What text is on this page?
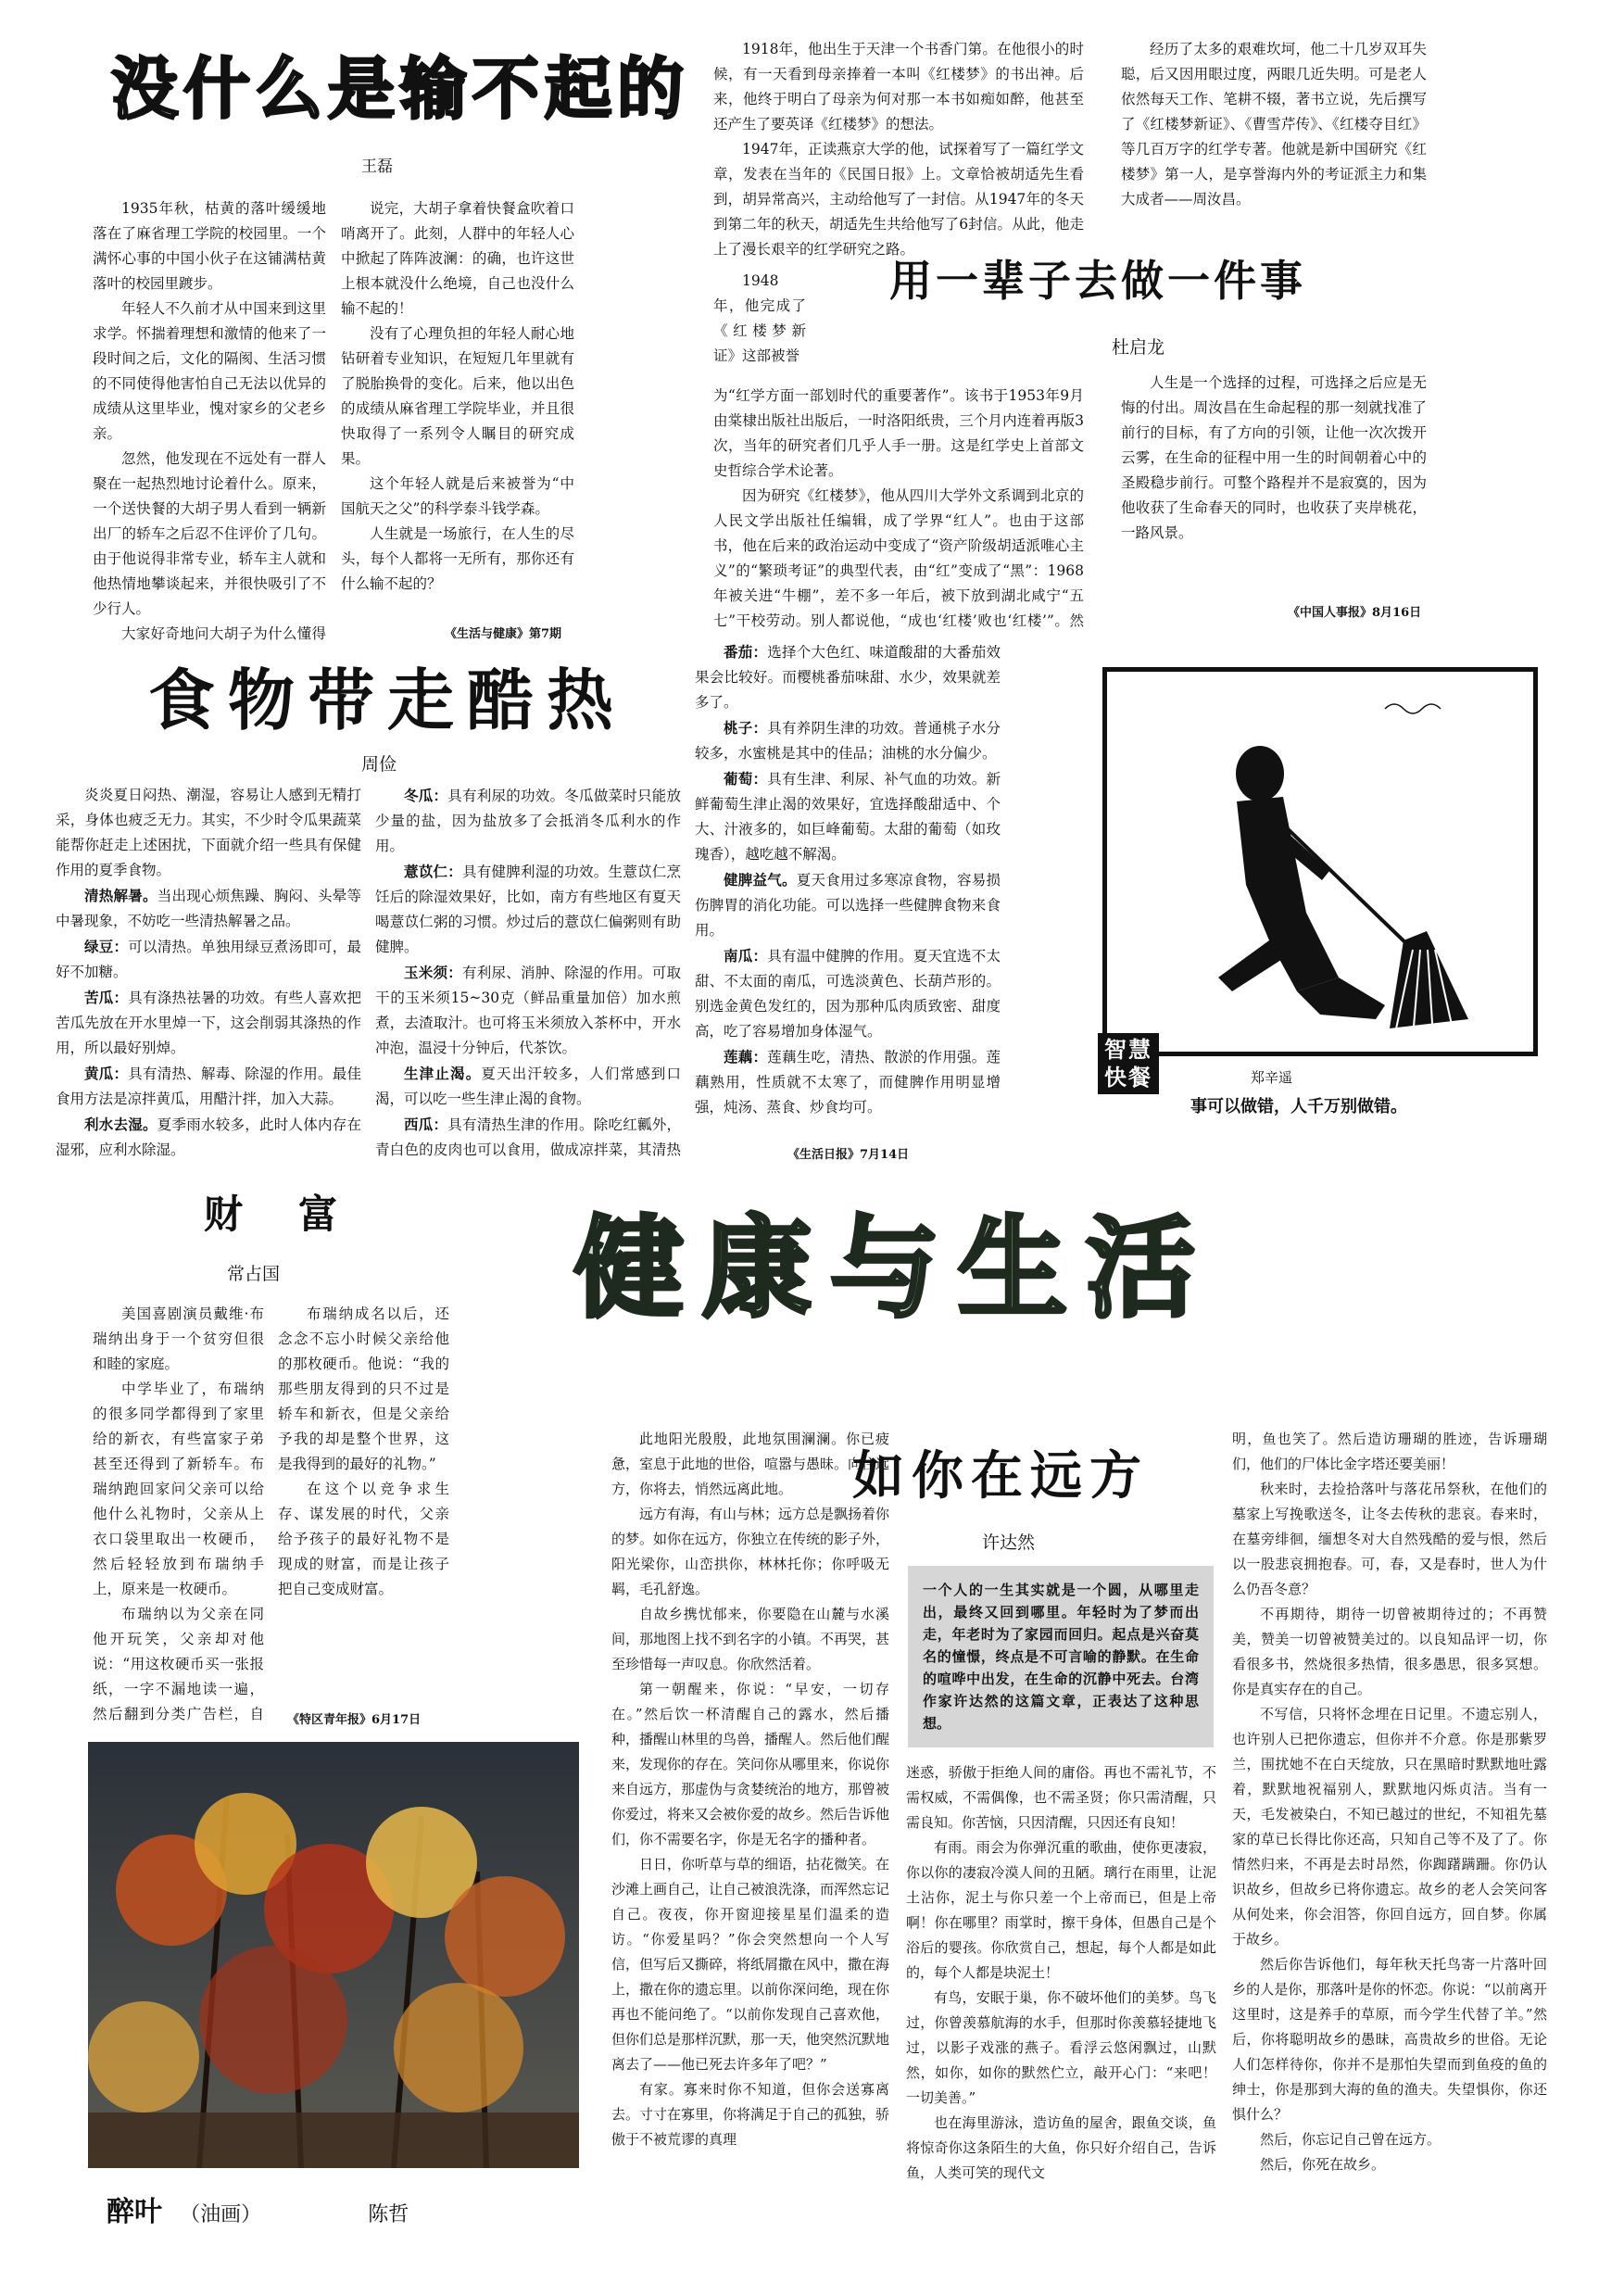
没什么是输不起的
王磊

1935年秋，枯黄的落叶缓缓地落在了麻省理工学院的校园里。一个满怀心事的中国小伙子在这铺满枯黄落叶的校园里踱步。

年轻人不久前才从中国来到这里求学。怀揣着理想和激情的他来了一段时间之后，文化的隔阂、生活习惯的不同使得他害怕自己无法以优异的成绩从这里毕业，愧对家乡的父老乡亲。

忽然，他发现在不远处有一群人聚在一起热烈地讨论着什么。原来，一个送快餐的大胡子男人看到一辆新出厂的轿车之后忍不住评价了几句。由于他说得非常专业，轿车主人就和他热情地攀谈起来，并很快吸引了不少行人。

大家好奇地问大胡子为什么懂得

说完，大胡子拿着快餐盒吹着口哨离开了。此刻，人群中的年轻人心中掀起了阵阵波澜：的确，也许这世上根本就没什么绝境，自己也没什么输不起的！

没有了心理负担的年轻人耐心地钻研着专业知识，在短短几年里就有了脱胎换骨的变化。后来，他以出色的成绩从麻省理工学院毕业，并且很快取得了一系列令人瞩目的研究成果。

这个年轻人就是后来被誉为“中国航天之父”的科学泰斗钱学森。

人生就是一场旅行，在人生的尽头，每个人都将一无所有，那你还有什么输不起的？

《生活与健康》第7期

1918年，他出生于天津一个书香门第。在他很小的时候，有一天看到母亲捧着一本叫《红楼梦》的书出神。后来，他终于明白了母亲为何对那一本书如痴如醉，他甚至还产生了要英译《红楼梦》的想法。

1947年，正读燕京大学的他，试探着写了一篇红学文章，发表在当年的《民国日报》上。文章恰被胡适先生看到，胡异常高兴，主动给他写了一封信。从1947年的冬天到第二年的秋天，胡适先生共给他写了6封信。从此，他走上了漫长艰辛的红学研究之路。

1948年，他完成了《红楼梦新证》这部被誉

为“红学方面一部划时代的重要著作”。该书于1953年9月由棠棣出版社出版后，一时洛阳纸贵，三个月内连着再版3次，当年的研究者们几乎人手一册。这是红学史上首部文史哲综合学术论著。

因为研究《红楼梦》，他从四川大学外文系调到北京的人民文学出版社任编辑，成了学界“红人”。也由于这部书，他在后来的政治运动中变成了“资产阶级胡适派唯心主义”的“繁琐考证”的典型代表，由“红”变成了“黑”：1968年被关进“牛棚”，差不多一年后，被下放到湖北咸宁“五七”干校劳动。别人都说他，“成也‘红楼’败也‘红楼’”。然

用一辈子去做一件事
杜启龙

经历了太多的艰难坎坷，他二十几岁双耳失聪，后又因用眼过度，两眼几近失明。可是老人依然每天工作、笔耕不辍，著书立说，先后撰写了《红楼梦新证》、《曹雪芹传》、《红楼夺目红》等几百万字的红学专著。他就是新中国研究《红楼梦》第一人，是享誉海内外的考证派主力和集大成者——周汝昌。

人生是一个选择的过程，可选择之后应是无悔的付出。周汝昌在生命起程的那一刻就找准了前行的目标，有了方向的引领，让他一次次拨开云雾，在生命的征程中用一生的时间朝着心中的圣殿稳步前行。可整个路程并不是寂寞的，因为他收获了生命春天的同时，也收获了夹岸桃花，一路风景。

《中国人事报》8月16日
食物带走酷热
周俭

炎炎夏日闷热、潮湿，容易让人感到无精打采，身体也疲乏无力。其实，不少时令瓜果蔬菜能帮你赶走上述困扰，下面就介绍一些具有保健作用的夏季食物。

清热解暑。当出现心烦焦躁、胸闷、头晕等中暑现象，不妨吃一些清热解暑之品。

绿豆：可以清热。单独用绿豆煮汤即可，最好不加糖。

苦瓜：具有涤热祛暑的功效。有些人喜欢把苦瓜先放在开水里焯一下，这会削弱其涤热的作用，所以最好别焯。

黄瓜：具有清热、解毒、除湿的作用。最佳食用方法是凉拌黄瓜，用醋汁拌，加入大蒜。

利水去湿。夏季雨水较多，此时人体内存在湿邪，应利水除湿。

冬瓜：具有利尿的功效。冬瓜做菜时只能放少量的盐，因为盐放多了会抵消冬瓜利水的作用。

薏苡仁：具有健脾利湿的功效。生薏苡仁烹饪后的除湿效果好，比如，南方有些地区有夏天喝薏苡仁粥的习惯。炒过后的薏苡仁偏粥则有助健脾。

玉米须：有利尿、消肿、除湿的作用。可取干的玉米须15~30克（鲜品重量加倍）加水煎煮，去渣取汁。也可将玉米须放入茶杯中，开水冲泡，温浸十分钟后，代茶饮。

生津止渴。夏天出汗较多，人们常感到口渴，可以吃一些生津止渴的食物。

西瓜：具有清热生津的作用。除吃红瓤外，青白色的皮肉也可以食用，做成凉拌菜，其清热

番茄：选择个大色红、味道酸甜的大番茄效果会比较好。而樱桃番茄味甜、水少，效果就差多了。

桃子：具有养阴生津的功效。普通桃子水分较多，水蜜桃是其中的佳品；油桃的水分偏少。

葡萄：具有生津、利尿、补气血的功效。新鲜葡萄生津止渴的效果好，宜选择酸甜适中、个大、汁液多的，如巨峰葡萄。太甜的葡萄（如玫瑰香），越吃越不解渴。

健脾益气。夏天食用过多寒凉食物，容易损伤脾胃的消化功能。可以选择一些健脾食物来食用。

南瓜：具有温中健脾的作用。夏天宜选不太甜、不太面的南瓜，可选淡黄色、长葫芦形的。别选金黄色发红的，因为那种瓜肉质致密、甜度高，吃了容易增加身体湿气。

莲藕：莲藕生吃，清热、散淤的作用强。莲藕熟用，性质就不太寒了，而健脾作用明显增强，炖汤、蒸食、炒食均可。

《生活日报》7月14日
智慧快餐	郑辛遥
事可以做错，人千万别做错。
财富
常占国

美国喜剧演员戴维·布瑞纳出身于一个贫穷但很和睦的家庭。

中学毕业了，布瑞纳的很多同学都得到了家里给的新衣，有些富家子弟甚至还得到了新轿车。布瑞纳跑回家问父亲可以给他什么礼物时，父亲从上衣口袋里取出一枚硬币，然后轻轻放到布瑞纳手上，原来是一枚硬币。

布瑞纳以为父亲在同他开玩笑，父亲却对他说：“用这枚硬币买一张报纸，一字不漏地读一遍，然后翻到分类广告栏，自

布瑞纳成名以后，还念念不忘小时候父亲给他的那枚硬币。他说：“我的那些朋友得到的只不过是轿车和新衣，但是父亲给予我的却是整个世界，这是我得到的最好的礼物。”

在这个以竞争求生存、谋发展的时代，父亲给予孩子的最好礼物不是现成的财富，而是让孩子把自己变成财富。

《特区青年报》6月17日
健康与生活
醉叶 （油画）	陈哲

此地阳光殷殷，此地氛围澜澜。你已疲惫，室息于此地的世俗，喧嚣与愚昧。向往远方，你将去，悄然远离此地。

远方有海，有山与林；远方总是飘扬着你的梦。如你在远方，你独立在传统的影子外，阳光梁你，山峦拱你，林林托你；你呼吸无羁，毛孔舒逸。

自故乡携忧郁来，你要隐在山麓与水溪间，那地图上找不到名字的小镇。不再哭，甚至珍惜每一声叹息。你欣然活着。

第一朝醒来，你说：“早安，一切存在。”然后饮一杯清醒自己的露水，然后播种，播醒山林里的鸟兽，播醒人。然后他们醒来，发现你的存在。笑问你从哪里来，你说你来自远方，那虚伪与贪婪统治的地方，那曾被你爱过，将来又会被你爱的故乡。然后告诉他们，你不需要名字，你是无名字的播种者。

日日，你听草与草的细语，拈花微笑。在沙滩上画自己，让自己被浪洗涤，而浑然忘记自己。夜夜，你开窗迎接星星们温柔的造访。“你爱星吗？”你会突然想向一个人写信，但写后又撕碎，将纸屑撒在风中，撒在海上，撒在你的遗忘里。以前你深问绝，现在你再也不能问绝了。“以前你发现自己喜欢他，但你们总是那样沉默，那一天，他突然沉默地离去了——他已死去许多年了吧？”

有家。寡来时你不知道，但你会送寡离去。寸寸在寡里，你将满足于自己的孤独，骄傲于不被荒谬的真理

如你在远方
许达然
一个人的一生其实就是一个圆，从哪里走出，最终又回到哪里。年轻时为了梦而出走，年老时为了家园而回归。起点是兴奋莫名的憧憬，终点是不可言喻的静默。在生命的喧哗中出发，在生命的沉静中死去。台湾作家许达然的这篇文章，正表达了这种思想。

迷惑，骄傲于拒绝人间的庸俗。再也不需礼节，不需权威，不需偶像，也不需圣贤；你只需清醒，只需良知。你苦恼，只因清醒，只因还有良知！

有雨。雨会为你弹沉重的歌曲，使你更凄寂，你以你的凄寂冷漠人间的丑陋。璃行在雨里，让泥土沾你，泥土与你只差一个上帝而已，但是上帝啊！你在哪里？雨掌时，擦干身体，但愚自己是个浴后的婴孩。你欣赏自己，想起，每个人都是如此的，每个人都是块泥土！

有鸟，安眠于巢，你不破坏他们的美梦。鸟飞过，你曾羡慕航海的水手，但那时你羡慕轻捷地飞过，以影子戏涨的燕子。看浮云悠闲飘过，山默然，如你，如你的默然伫立，敲开心门：“来吧！一切美善。”

也在海里游泳，造访鱼的屋舍，跟鱼交谈，鱼将惊奇你这条陌生的大鱼，你只好介绍自己，告诉鱼，人类可笑的现代文

明，鱼也笑了。然后造访珊瑚的胜迹，告诉珊瑚们，他们的尸体比金字塔还要美丽！

秋来时，去捡拾落叶与落花吊祭秋，在他们的墓家上写挽歌送冬，让冬去传秋的悲哀。春来时，在墓旁绯徊，缅想冬对大自然残酷的爱与恨，然后以一股悲哀拥抱春。可，春，又是春时，世人为什么仍吾冬意？

不再期待，期待一切曾被期待过的；不再赞美，赞美一切曾被赞美过的。以良知品评一切，你看很多书，然烧很多热情，很多愚思，很多冥想。你是真实存在的自己。

不写信，只将怀念埋在日记里。不遗忘别人，也许别人已把你遗忘，但你并不介意。你是那紫罗兰，围扰她不在白天绽放，只在黑暗时默默地吐露着，默默地祝福别人，默默地闪烁贞洁。当有一天，毛发被染白，不知已越过的世纪，不知祖先墓家的草已长得比你还高，只知自己等不及了了。你情然归来，不再是去时昂然，你踟躇蹒跚。你仍认识故乡，但故乡已将你遗忘。故乡的老人会笑问客从何处来，你会泪答，你回自远方，回自梦。你属于故乡。

然后你告诉他们，每年秋天托鸟寄一片落叶回乡的人是你，那落叶是你的怀恋。你说：“以前离开这里时，这是养手的草原，而今学生代替了羊。”然后，你将聪明故乡的愚昧，高贵故乡的世俗。无论人们怎样待你，你并不是那怕失望而到鱼疫的鱼的绅士，你是那到大海的鱼的渔夫。失望惧你，你还惧什么？

然后，你忘记自己曾在远方。

然后，你死在故乡。
